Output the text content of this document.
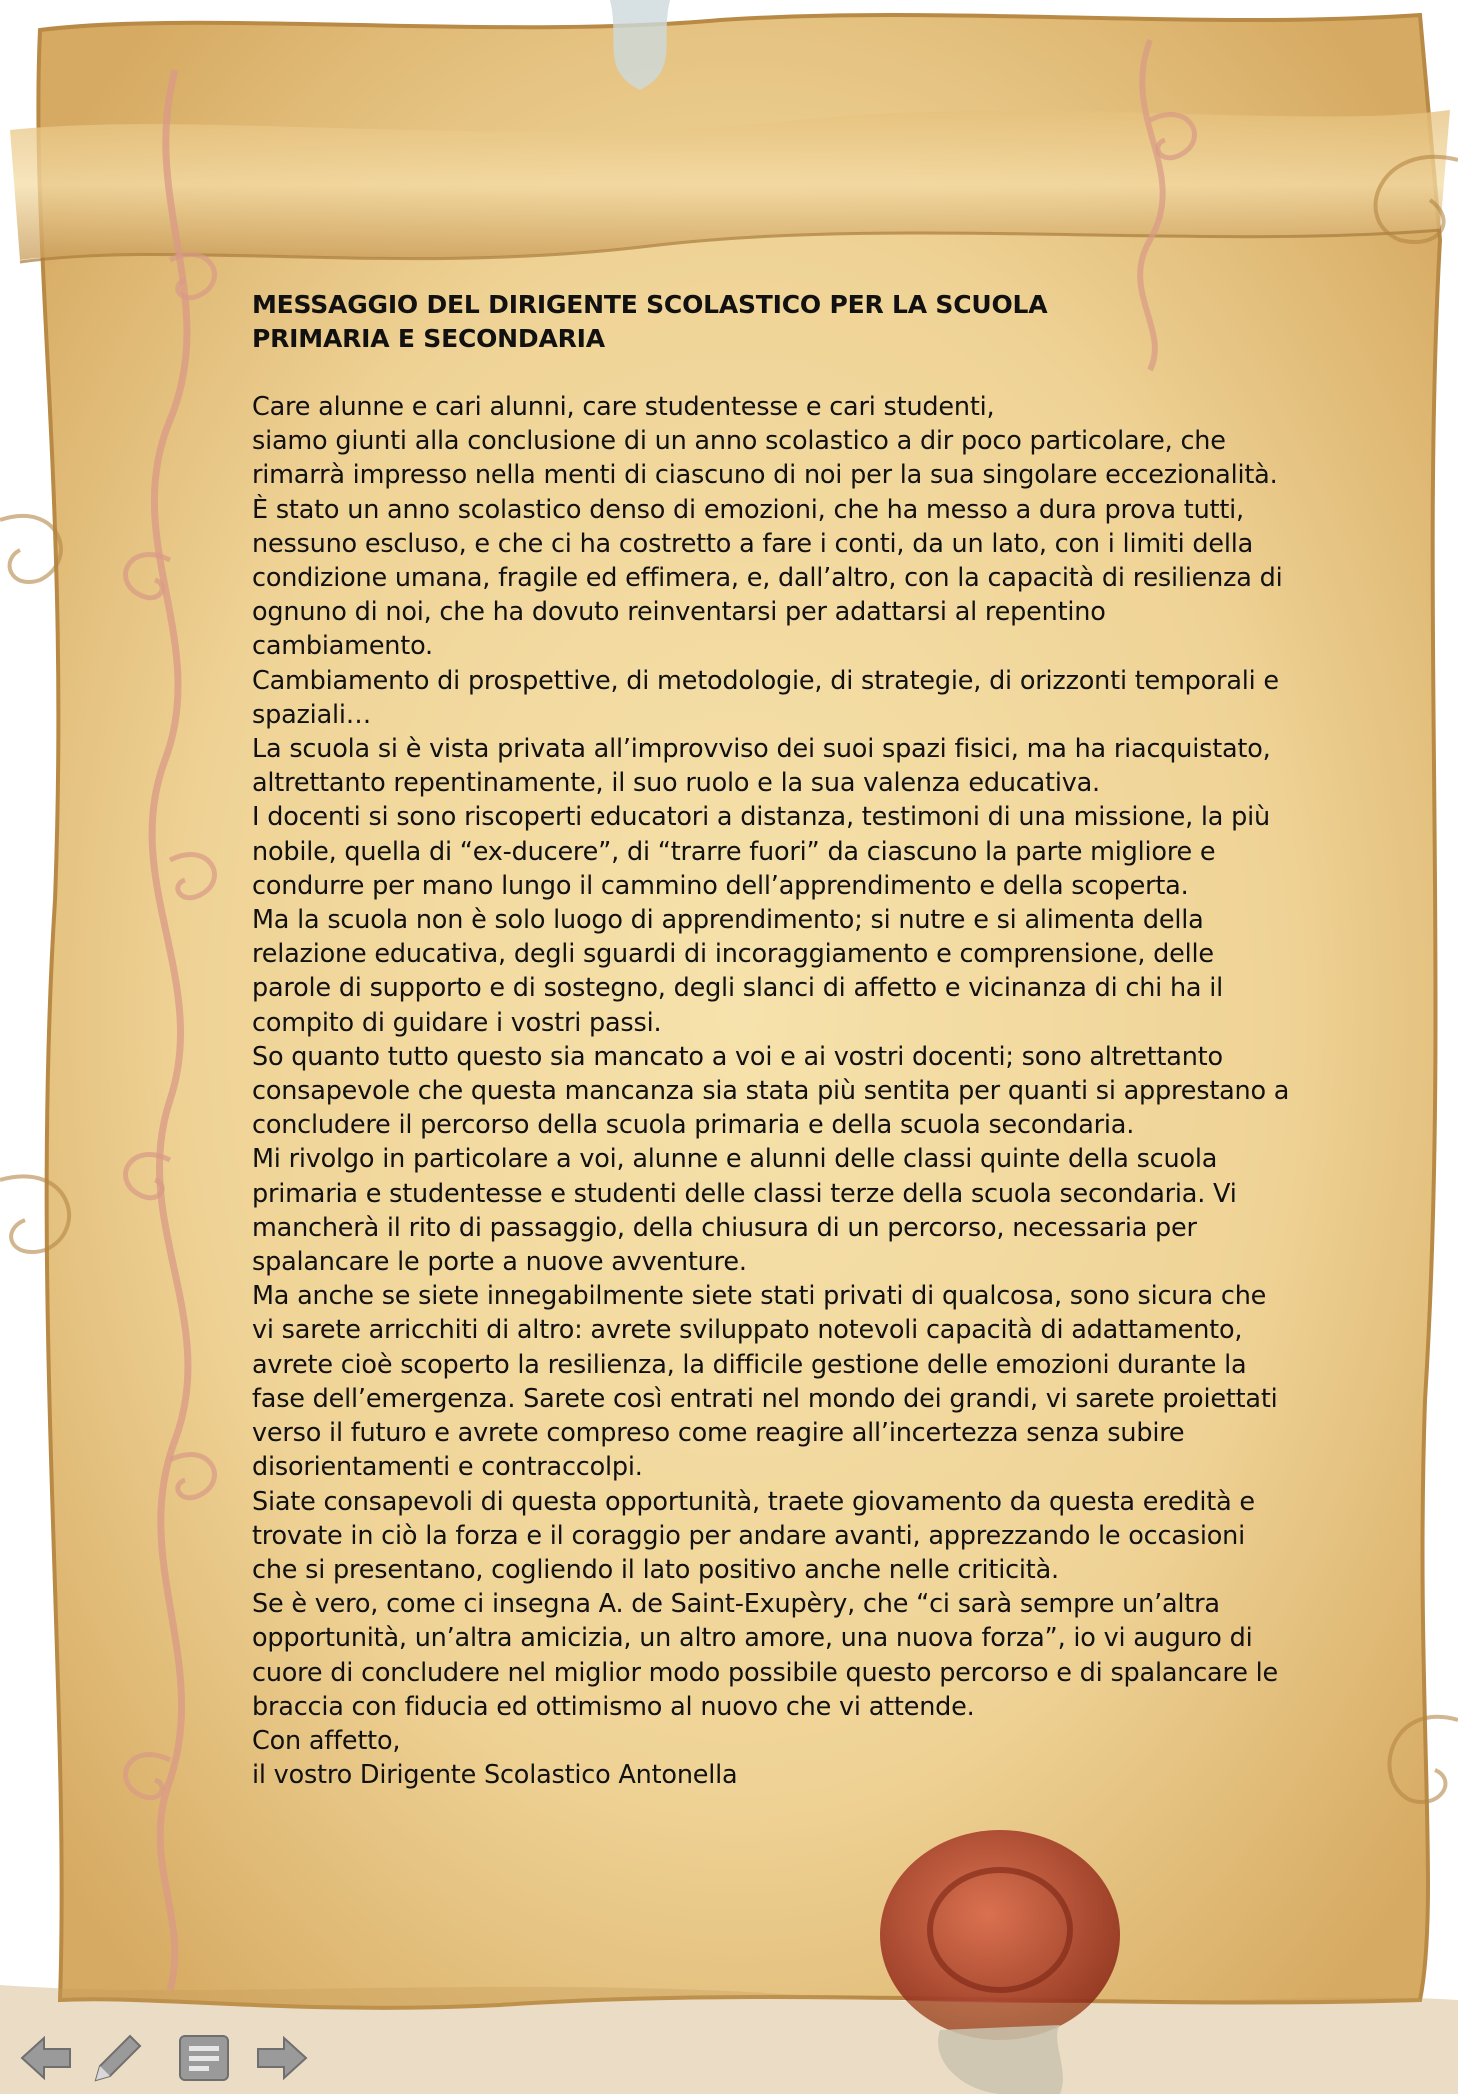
MESSAGGIO DEL DIRIGENTE SCOLASTICO PER LA SCUOLA PRIMARIA E SECONDARIA

Care alunne e cari alunni, care studentesse e cari studenti,

siamo giunti alla conclusione di un anno scolastico a dir poco particolare, che rimarrà impresso nella menti di ciascuno di noi per la sua singolare eccezionalità.

È stato un anno scolastico denso di emozioni, che ha messo a dura prova tutti, nessuno escluso, e che ci ha costretto a fare i conti, da un lato, con i limiti della condizione umana, fragile ed effimera, e, dall’altro, con la capacità di resilienza di ognuno di noi, che ha dovuto reinventarsi per adattarsi al repentino cambiamento.

Cambiamento di prospettive, di metodologie, di strategie, di orizzonti temporali e spaziali…

La scuola si è vista privata all’improvviso dei suoi spazi fisici, ma ha riacquistato, altrettanto repentinamente, il suo ruolo e la sua valenza educativa.

I docenti si sono riscoperti educatori a distanza, testimoni di una missione, la più nobile, quella di “ex-ducere”, di “trarre fuori” da ciascuno la parte migliore e condurre per mano lungo il cammino dell’apprendimento e della scoperta.

Ma la scuola non è solo luogo di apprendimento; si nutre e si alimenta della relazione educativa, degli sguardi di incoraggiamento e comprensione, delle parole di supporto e di sostegno, degli slanci di affetto e vicinanza di chi ha il compito di guidare i vostri passi.

So quanto tutto questo sia mancato a voi e ai vostri docenti; sono altrettanto consapevole che questa mancanza sia stata più sentita per quanti si apprestano a concludere il percorso della scuola primaria e della scuola secondaria.

Mi rivolgo in particolare a voi, alunne e alunni delle classi quinte della scuola primaria e studentesse e studenti delle classi terze della scuola secondaria. Vi mancherà il rito di passaggio, della chiusura di un percorso, necessaria per spalancare le porte a nuove avventure.

Ma anche se siete innegabilmente siete stati privati di qualcosa, sono sicura che vi sarete arricchiti di altro: avrete sviluppato notevoli capacità di adattamento, avrete cioè scoperto la resilienza, la difficile gestione delle emozioni durante la fase dell’emergenza. Sarete così entrati nel mondo dei grandi, vi sarete proiettati verso il futuro e avrete compreso come reagire all’incertezza senza subire disorientamenti e contraccolpi.

Siate consapevoli di questa opportunità, traete giovamento da questa eredità e trovate in ciò la forza e il coraggio per andare avanti, apprezzando le occasioni che si presentano, cogliendo il lato positivo anche nelle criticità.

Se è vero, come ci insegna A. de Saint-Exupèry, che “ci sarà sempre un’altra opportunità, un’altra amicizia, un altro amore, una nuova forza”, io vi auguro di cuore di concludere nel miglior modo possibile questo percorso e di spalancare le braccia con fiducia ed ottimismo al nuovo che vi attende.

Con affetto,

il vostro Dirigente Scolastico Antonella
